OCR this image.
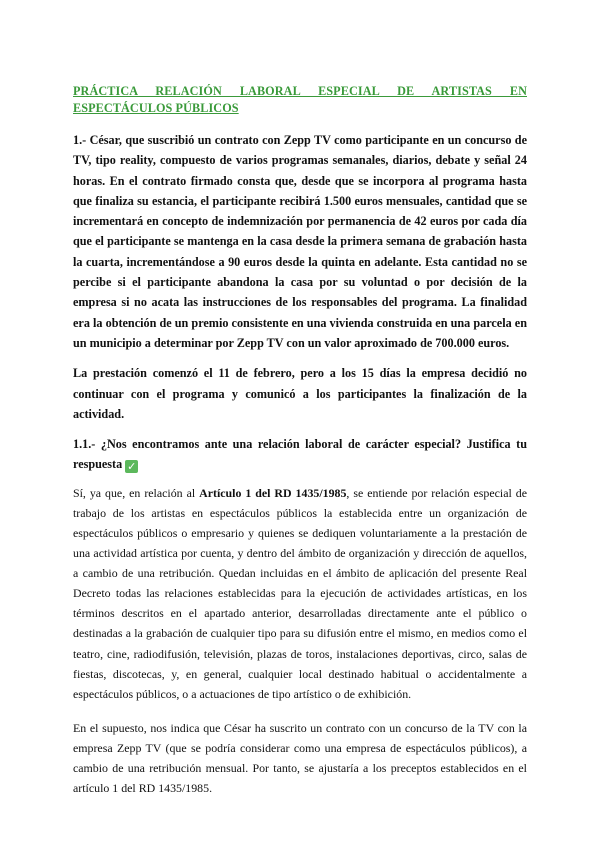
PRÁCTICA RELACIÓN LABORAL ESPECIAL DE ARTISTAS EN
ESPECTÁCULOS PÚBLICOS

1.- César, que suscribió un contrato con Zepp TV como participante en un concurso de TV, tipo reality, compuesto de varios programas semanales, diarios, debate y señal 24 horas. En el contrato firmado consta que, desde que se incorpora al programa hasta que finaliza su estancia, el participante recibirá 1.500 euros mensuales, cantidad que se incrementará en concepto de indemnización por permanencia de 42 euros por cada día que el participante se mantenga en la casa desde la primera semana de grabación hasta la cuarta, incrementándose a 90 euros desde la quinta en adelante. Esta cantidad no se percibe si el participante abandona la casa por su voluntad o por decisión de la empresa si no acata las instrucciones de los responsables del programa. La finalidad era la obtención de un premio consistente en una vivienda construida en una parcela en un municipio a determinar por Zepp TV con un valor aproximado de 700.000 euros.

La prestación comenzó el 11 de febrero, pero a los 15 días la empresa decidió no continuar con el programa y comunicó a los participantes la finalización de la actividad.

1.1.- ¿Nos encontramos ante una relación laboral de carácter especial? Justifica tu respuesta ✓

Sí, ya que, en relación al Artículo 1 del RD 1435/1985, se entiende por relación especial de trabajo de los artistas en espectáculos públicos la establecida entre un organización de espectáculos públicos o empresario y quienes se dediquen voluntariamente a la prestación de una actividad artística por cuenta, y dentro del ámbito de organización y dirección de aquellos, a cambio de una retribución. Quedan incluidas en el ámbito de aplicación del presente Real Decreto todas las relaciones establecidas para la ejecución de actividades artísticas, en los términos descritos en el apartado anterior, desarrolladas directamente ante el público o destinadas a la grabación de cualquier tipo para su difusión entre el mismo, en medios como el teatro, cine, radiodifusión, televisión, plazas de toros, instalaciones deportivas, circo, salas de fiestas, discotecas, y, en general, cualquier local destinado habitual o accidentalmente a espectáculos públicos, o a actuaciones de tipo artístico o de exhibición.

En el supuesto, nos indica que César ha suscrito un contrato con un concurso de la TV con la empresa Zepp TV (que se podría considerar como una empresa de espectáculos públicos), a cambio de una retribución mensual. Por tanto, se ajustaría a los preceptos establecidos en el artículo 1 del RD 1435/1985.
